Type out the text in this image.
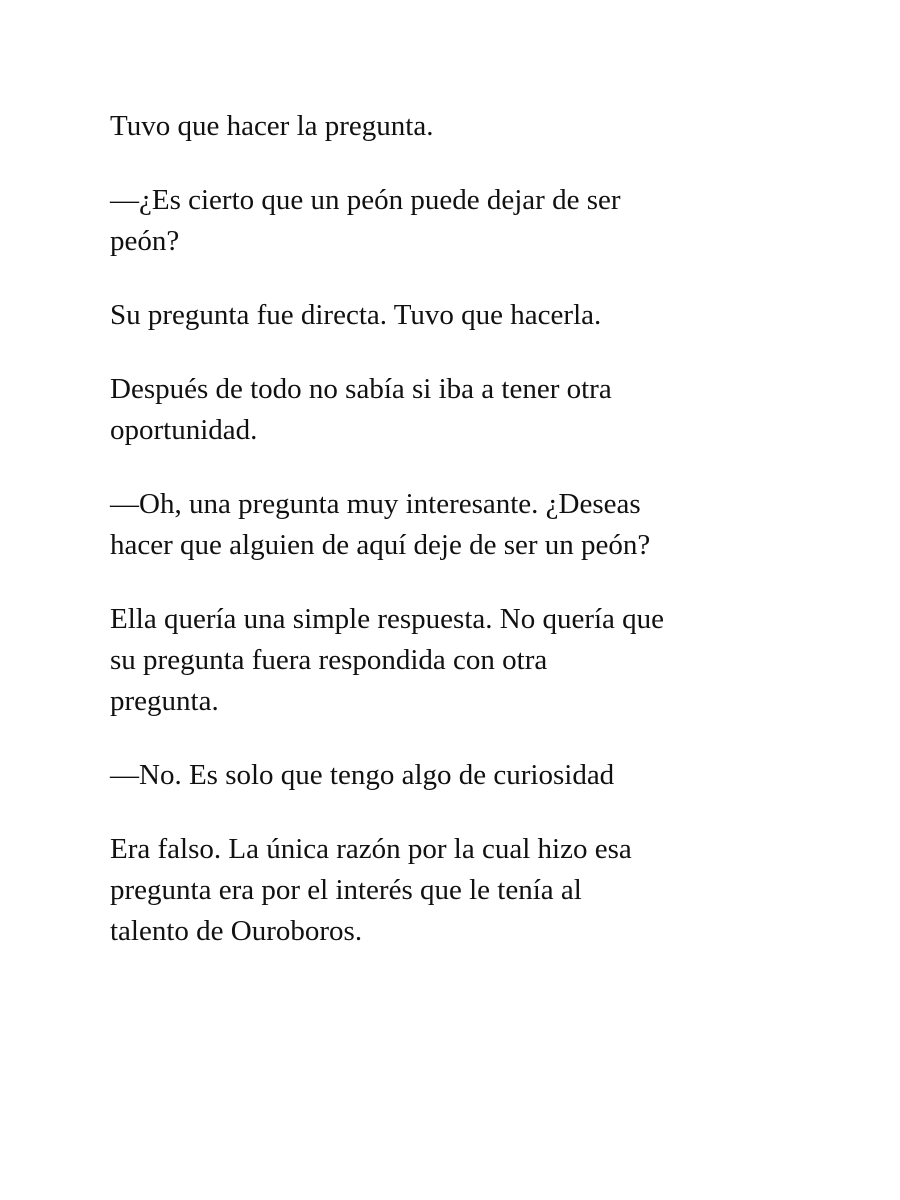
Tuvo que hacer la pregunta.

—¿Es cierto que un peón puede dejar de ser
peón?

Su pregunta fue directa. Tuvo que hacerla.

Después de todo no sabía si iba a tener otra
oportunidad.

—Oh, una pregunta muy interesante. ¿Deseas
hacer que alguien de aquí deje de ser un peón?

Ella quería una simple respuesta. No quería que
su pregunta fuera respondida con otra
pregunta.

—No. Es solo que tengo algo de curiosidad

Era falso. La única razón por la cual hizo esa
pregunta era por el interés que le tenía al
talento de Ouroboros.
